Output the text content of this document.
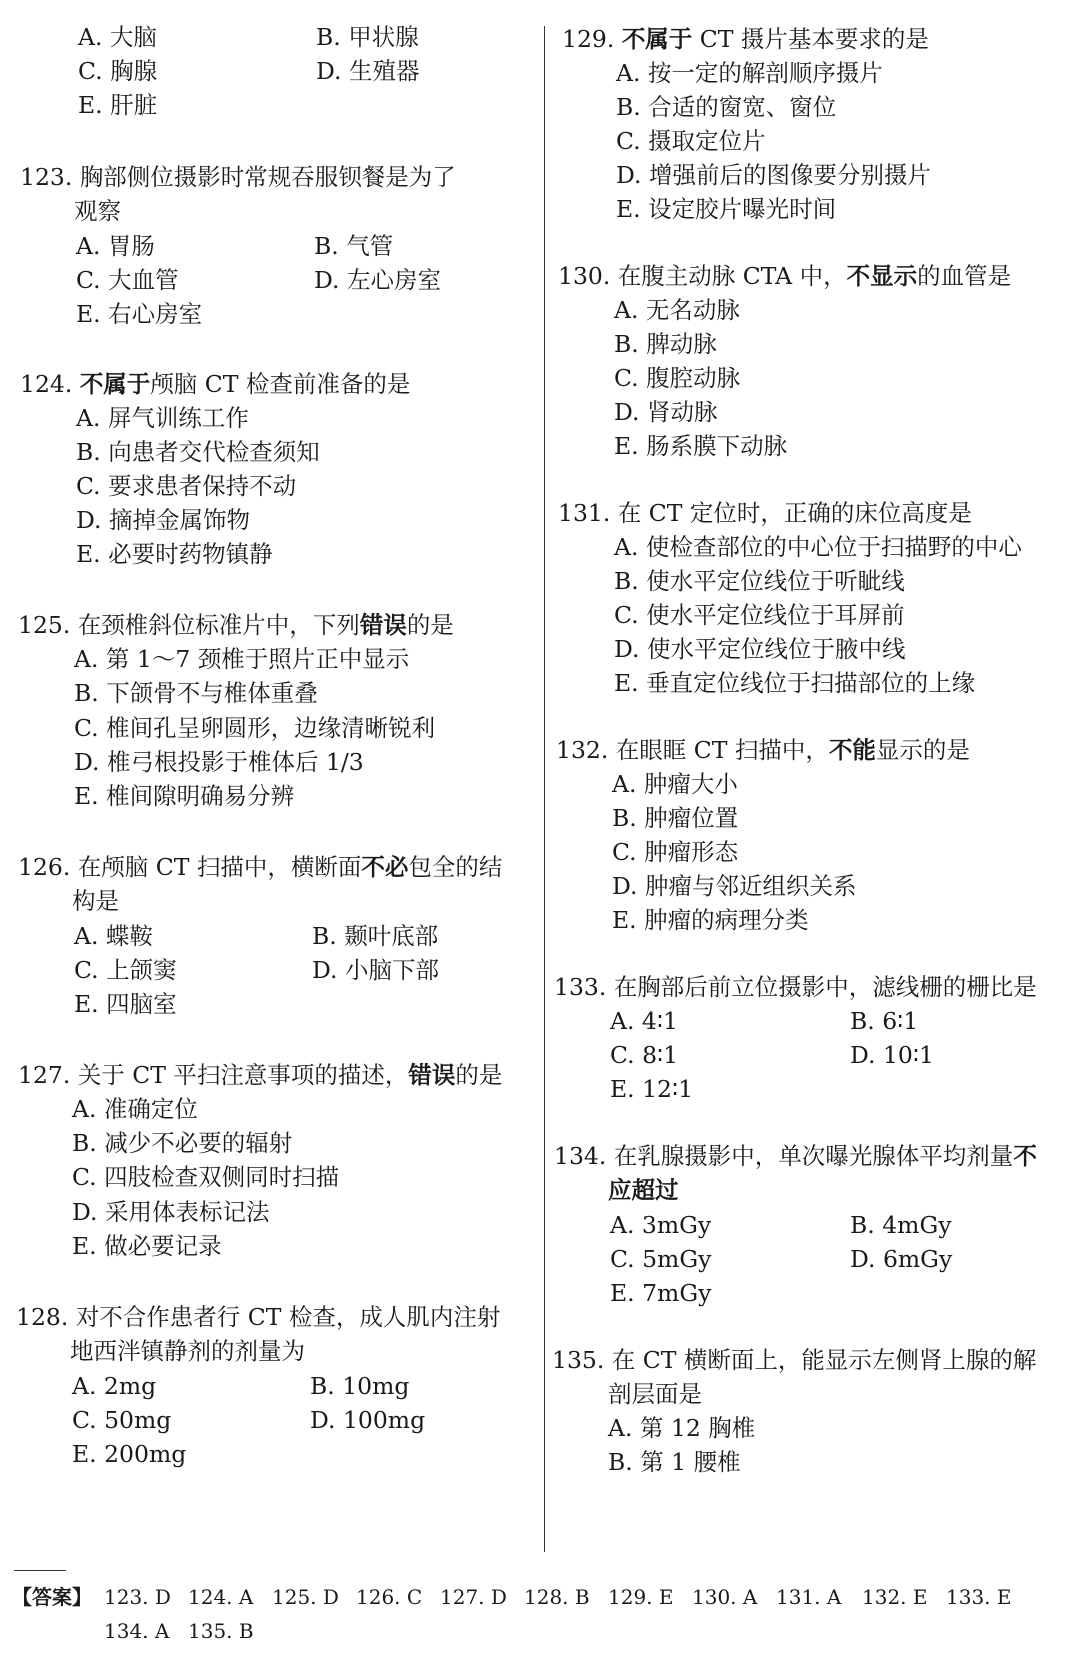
A. 大脑	B. 甲状腺
C. 胸腺	D. 生殖器
E. 肝脏
123. 胸部侧位摄影时常规吞服钡餐是为了
观察
A. 胃肠	B. 气管
C. 大血管	D. 左心房室
E. 右心房室
124. 不属于颅脑 CT 检查前准备的是
A. 屏气训练工作
B. 向患者交代检查须知
C. 要求患者保持不动
D. 摘掉金属饰物
E. 必要时药物镇静
125. 在颈椎斜位标准片中，下列错误的是
A. 第 1～7 颈椎于照片正中显示
B. 下颌骨不与椎体重叠
C. 椎间孔呈卵圆形，边缘清晰锐利
D. 椎弓根投影于椎体后 1/3
E. 椎间隙明确易分辨
126. 在颅脑 CT 扫描中，横断面不必包全的结
构是
A. 蝶鞍	B. 颞叶底部
C. 上颌窦	D. 小脑下部
E. 四脑室
127. 关于 CT 平扫注意事项的描述，错误的是
A. 准确定位
B. 减少不必要的辐射
C. 四肢检查双侧同时扫描
D. 采用体表标记法
E. 做必要记录
128. 对不合作患者行 CT 检查，成人肌内注射
地西泮镇静剂的剂量为
A. 2mg	B. 10mg
C. 50mg	D. 100mg
E. 200mg
129. 不属于 CT 摄片基本要求的是
A. 按一定的解剖顺序摄片
B. 合适的窗宽、窗位
C. 摄取定位片
D. 增强前后的图像要分别摄片
E. 设定胶片曝光时间
130. 在腹主动脉 CTA 中，不显示的血管是
A. 无名动脉
B. 脾动脉
C. 腹腔动脉
D. 肾动脉
E. 肠系膜下动脉
131. 在 CT 定位时，正确的床位高度是
A. 使检查部位的中心位于扫描野的中心
B. 使水平定位线位于听眦线
C. 使水平定位线位于耳屏前
D. 使水平定位线位于腋中线
E. 垂直定位线位于扫描部位的上缘
132. 在眼眶 CT 扫描中，不能显示的是
A. 肿瘤大小
B. 肿瘤位置
C. 肿瘤形态
D. 肿瘤与邻近组织关系
E. 肿瘤的病理分类
133. 在胸部后前立位摄影中，滤线栅的栅比是
A. 4∶1	B. 6∶1
C. 8∶1	D. 10∶1
E. 12∶1
134. 在乳腺摄影中，单次曝光腺体平均剂量不
应超过
A. 3mGy	B. 4mGy
C. 5mGy	D. 6mGy
E. 7mGy
135. 在 CT 横断面上，能显示左侧肾上腺的解
剖层面是
A. 第 12 胸椎
B. 第 1 腰椎
【答案】 123. D 124. A 125. D 126. C 127. D 128. B 129. E 130. A 131. A 132. E 133. E
134. A 135. B
